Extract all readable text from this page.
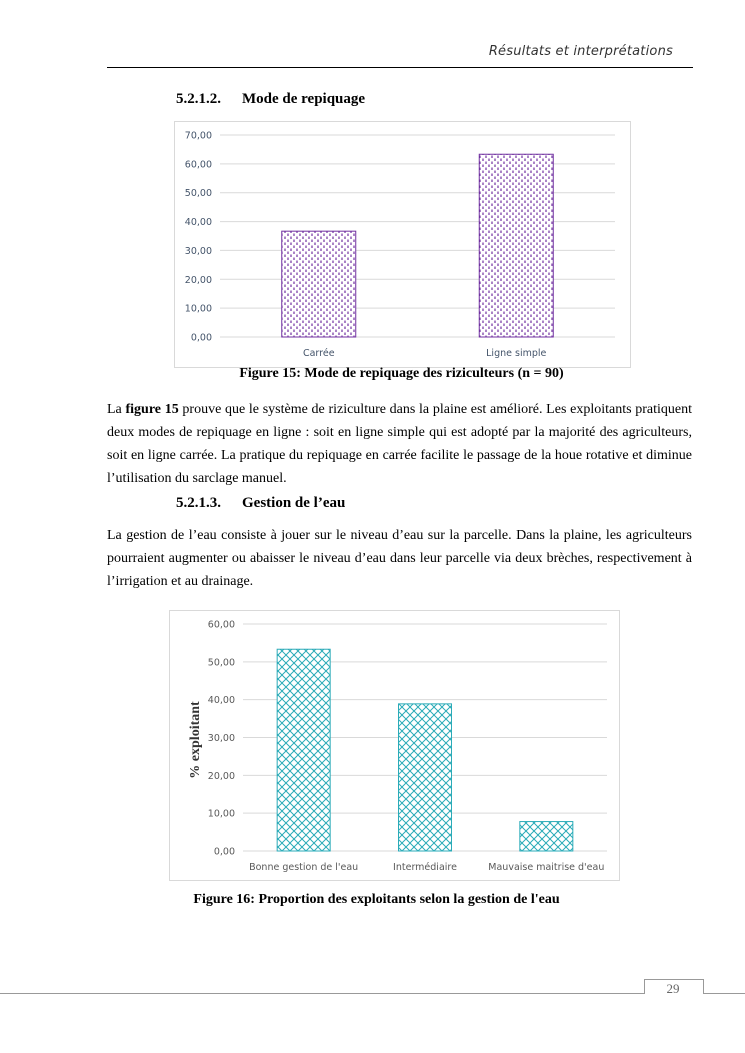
Résultats et interprétations
5.2.1.2. Mode de repiquage
0,00
10,00
20,00
30,00
40,00
50,00
60,00
70,00
Carrée	Ligne simple
Figure 15: Mode de repiquage des riziculteurs (n = 90)

La figure 15 prouve que le système de riziculture dans la plaine est amélioré. Les exploitants pratiquent deux modes de repiquage en ligne : soit en ligne simple qui est adopté par la majorité des agriculteurs, soit en ligne carrée. La pratique du repiquage en carrée facilite le passage de la houe rotative et diminue l’utilisation du sarclage manuel.

5.2.1.3. Gestion de l’eau

La gestion de l’eau consiste à jouer sur le niveau d’eau sur la parcelle. Dans la plaine, les agriculteurs pourraient augmenter ou abaisser le niveau d’eau dans leur parcelle via deux brèches, respectivement à l’irrigation et au drainage.

0,00
10,00
20,00
30,00
40,00
50,00
60,00
Bonne gestion de l'eau	Intermédiaire	Mauvaise maitrise d'eau
% exploitant
Figure 16: Proportion des exploitants selon la gestion de l'eau
29
